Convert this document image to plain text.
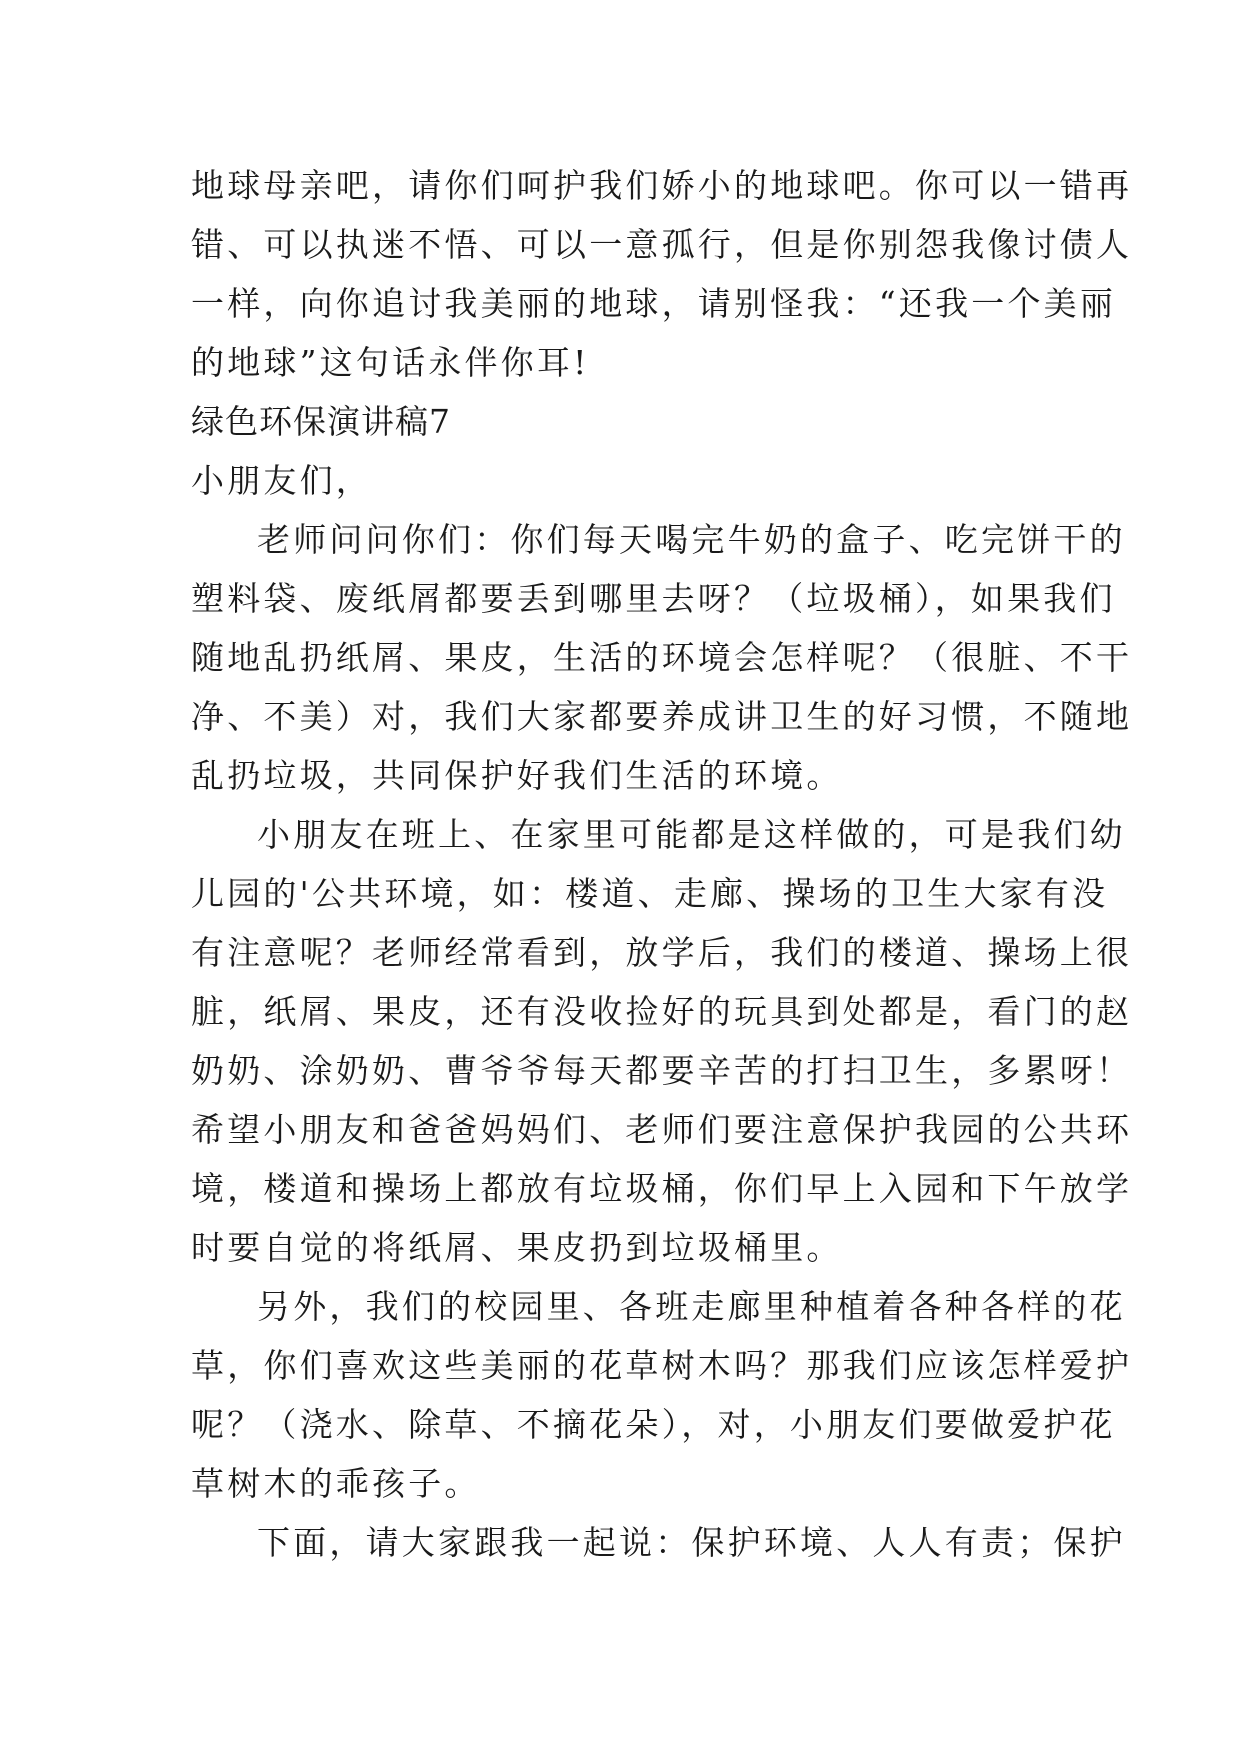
地球母亲吧，请你们呵护我们娇小的地球吧。你可以一错再
错、可以执迷不悟、可以一意孤行，但是你别怨我像讨债人
一样，向你追讨我美丽的地球，请别怪我：“还我一个美丽
的地球”这句话永伴你耳!
绿色环保演讲稿7
小朋友们，
老师问问你们：你们每天喝完牛奶的盒子、吃完饼干的
塑料袋、废纸屑都要丢到哪里去呀？（垃圾桶），如果我们
随地乱扔纸屑、果皮，生活的环境会怎样呢？（很脏、不干
净、不美）对，我们大家都要养成讲卫生的好习惯，不随地
乱扔垃圾，共同保护好我们生活的环境。
小朋友在班上、在家里可能都是这样做的，可是我们幼
儿园的'公共环境，如：楼道、走廊、操场的卫生大家有没
有注意呢？老师经常看到，放学后，我们的楼道、操场上很
脏，纸屑、果皮，还有没收捡好的玩具到处都是，看门的赵
奶奶、涂奶奶、曹爷爷每天都要辛苦的打扫卫生，多累呀！
希望小朋友和爸爸妈妈们、老师们要注意保护我园的公共环
境，楼道和操场上都放有垃圾桶，你们早上入园和下午放学
时要自觉的将纸屑、果皮扔到垃圾桶里。
另外，我们的校园里、各班走廊里种植着各种各样的花
草，你们喜欢这些美丽的花草树木吗？那我们应该怎样爱护
呢？（浇水、除草、不摘花朵），对，小朋友们要做爱护花
草树木的乖孩子。
下面，请大家跟我一起说：保护环境、人人有责；保护
